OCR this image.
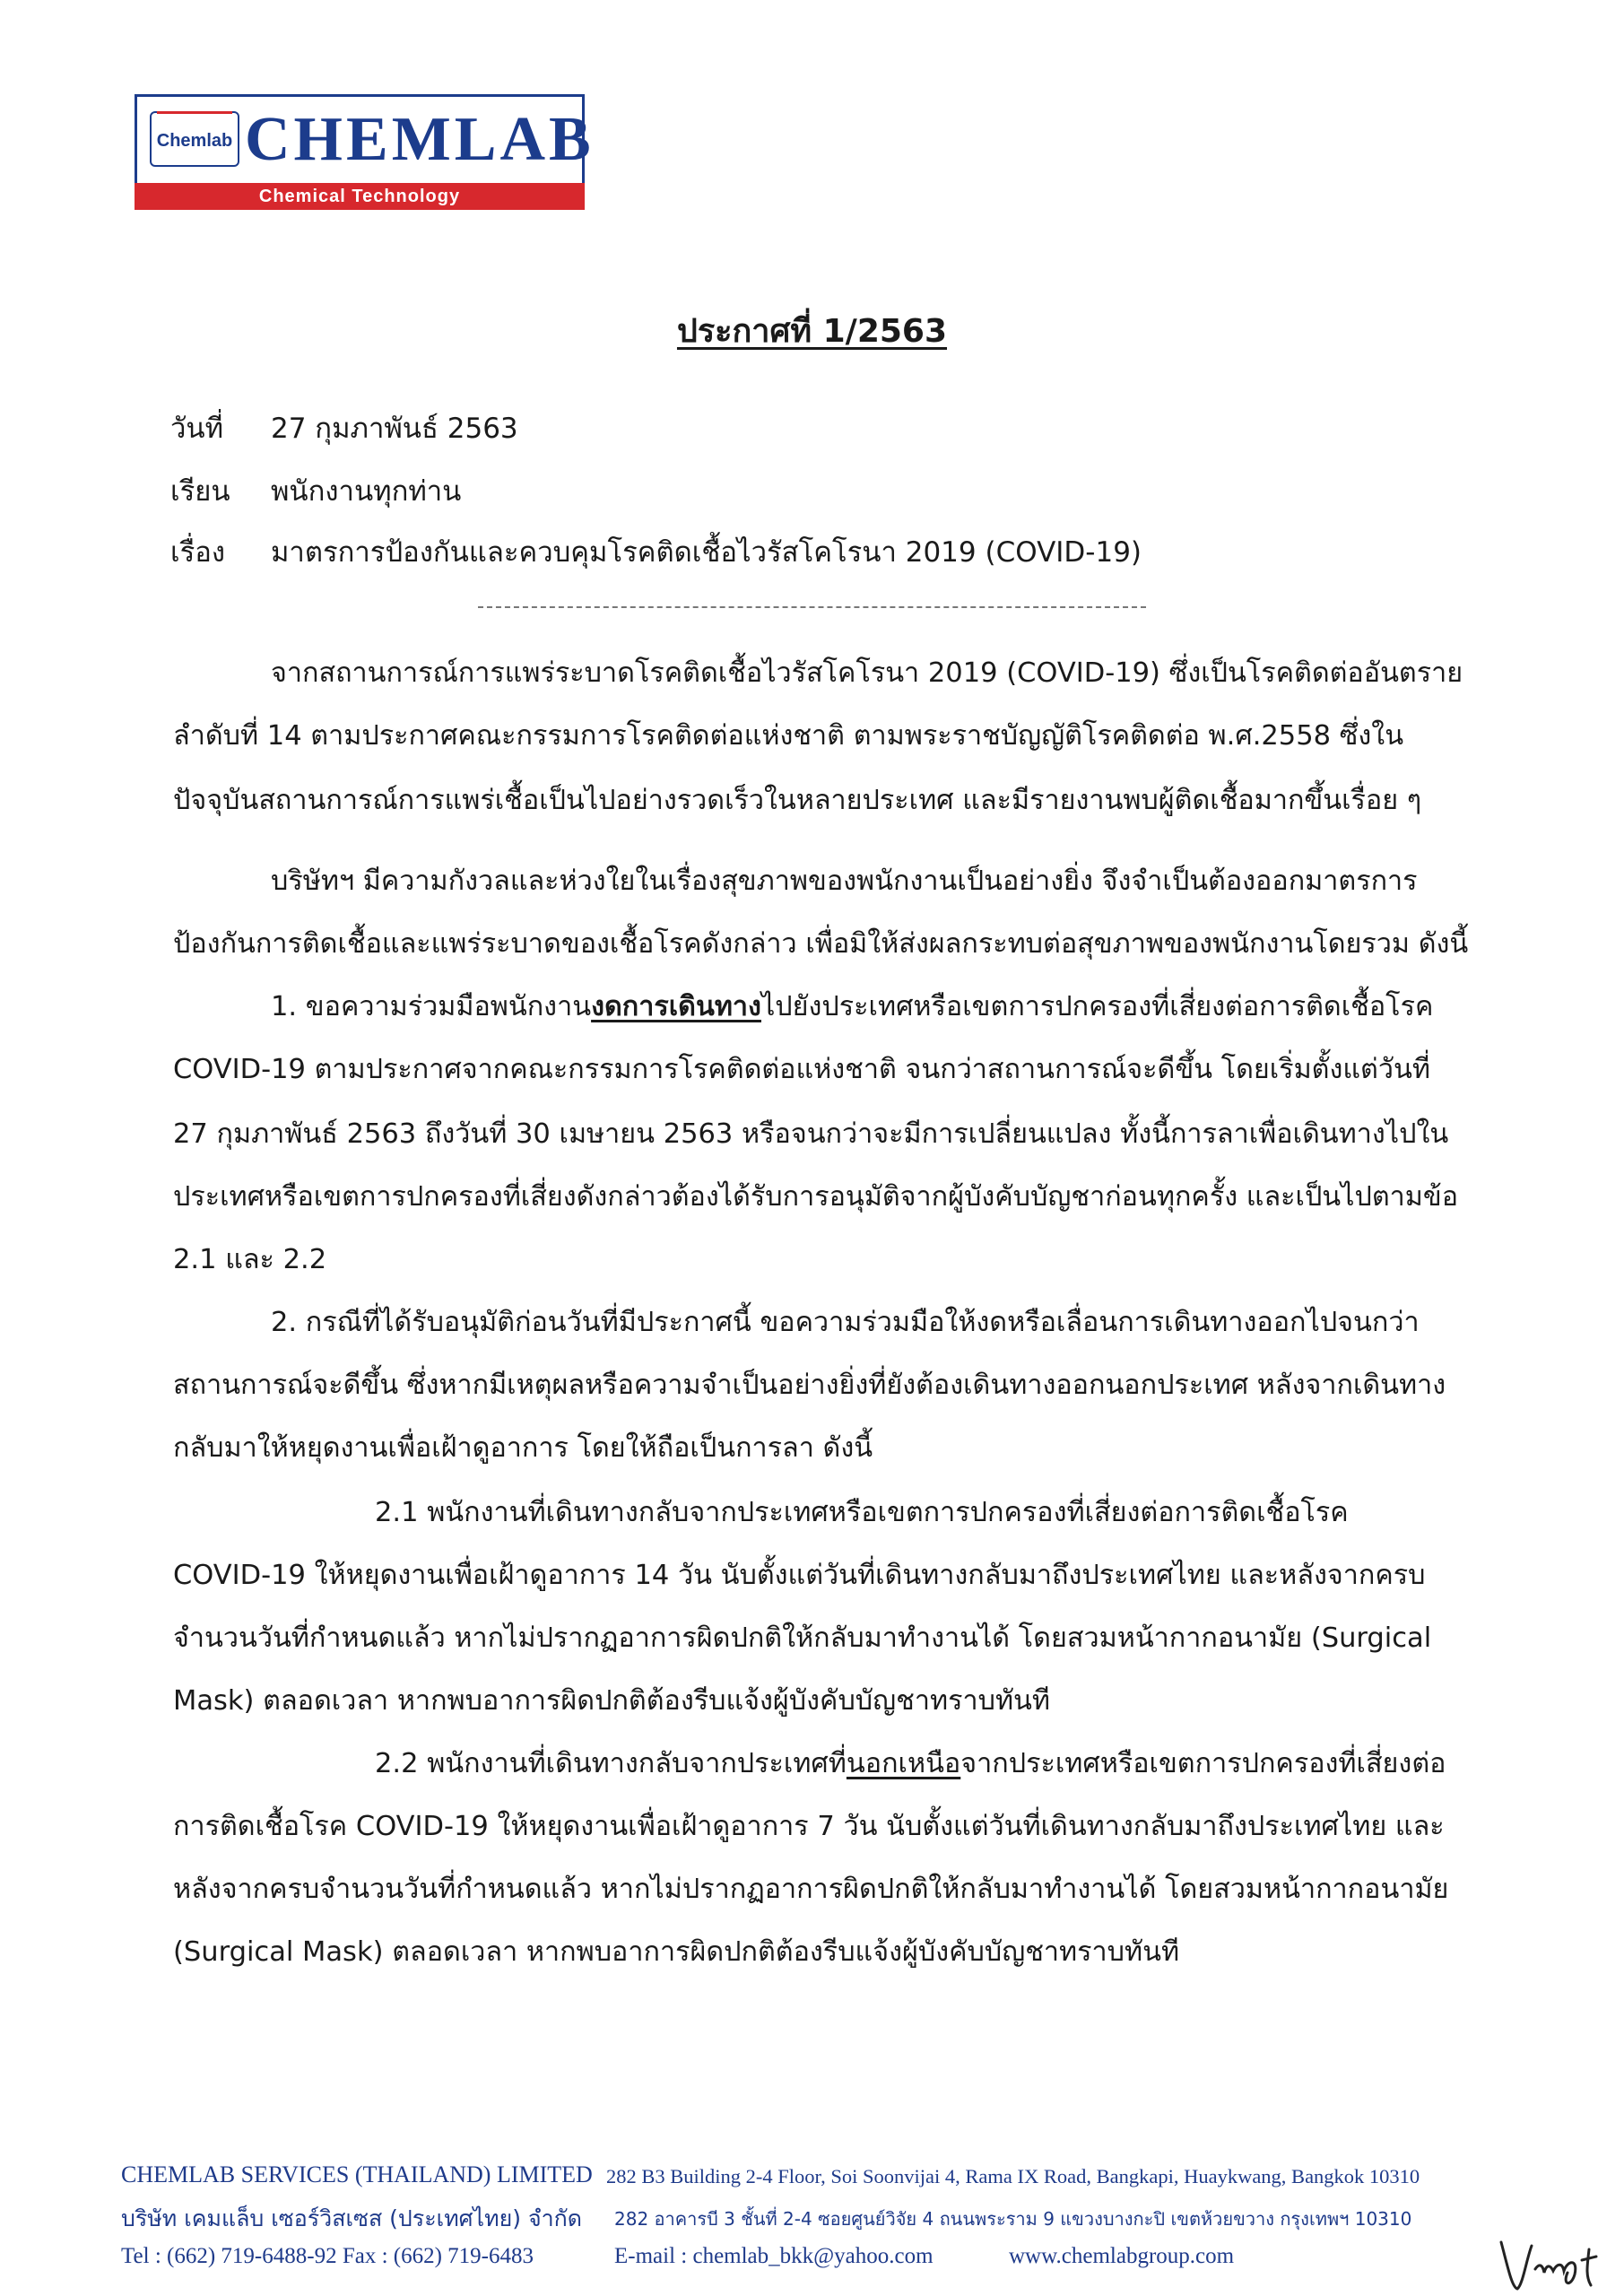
Chemlab CHEMLAB
Chemical Technology
ประกาศที่ 1/2563
วันที่ 27 กุมภาพันธ์ 2563
เรียน พนักงานทุกท่าน
เรื่อง มาตรการป้องกันและควบคุมโรคติดเชื้อไวรัสโคโรนา 2019 (COVID-19)
จากสถานการณ์การแพร่ระบาดโรคติดเชื้อไวรัสโคโรนา 2019 (COVID-19) ซึ่งเป็นโรคติดต่ออันตราย
ลำดับที่ 14 ตามประกาศคณะกรรมการโรคติดต่อแห่งชาติ ตามพระราชบัญญัติโรคติดต่อ พ.ศ.2558 ซึ่งใน
ปัจจุบันสถานการณ์การแพร่เชื้อเป็นไปอย่างรวดเร็วในหลายประเทศ และมีรายงานพบผู้ติดเชื้อมากขึ้นเรื่อย ๆ
บริษัทฯ มีความกังวลและห่วงใยในเรื่องสุขภาพของพนักงานเป็นอย่างยิ่ง จึงจำเป็นต้องออกมาตรการ
ป้องกันการติดเชื้อและแพร่ระบาดของเชื้อโรคดังกล่าว เพื่อมิให้ส่งผลกระทบต่อสุขภาพของพนักงานโดยรวม ดังนี้
1. ขอความร่วมมือพนักงานงดการเดินทางไปยังประเทศหรือเขตการปกครองที่เสี่ยงต่อการติดเชื้อโรค
COVID-19 ตามประกาศจากคณะกรรมการโรคติดต่อแห่งชาติ จนกว่าสถานการณ์จะดีขึ้น โดยเริ่มตั้งแต่วันที่
27 กุมภาพันธ์ 2563 ถึงวันที่ 30 เมษายน 2563 หรือจนกว่าจะมีการเปลี่ยนแปลง ทั้งนี้การลาเพื่อเดินทางไปใน
ประเทศหรือเขตการปกครองที่เสี่ยงดังกล่าวต้องได้รับการอนุมัติจากผู้บังคับบัญชาก่อนทุกครั้ง และเป็นไปตามข้อ
2.1 และ 2.2
2. กรณีที่ได้รับอนุมัติก่อนวันที่มีประกาศนี้ ขอความร่วมมือให้งดหรือเลื่อนการเดินทางออกไปจนกว่า
สถานการณ์จะดีขึ้น ซึ่งหากมีเหตุผลหรือความจำเป็นอย่างยิ่งที่ยังต้องเดินทางออกนอกประเทศ หลังจากเดินทาง
กลับมาให้หยุดงานเพื่อเฝ้าดูอาการ โดยให้ถือเป็นการลา ดังนี้
2.1 พนักงานที่เดินทางกลับจากประเทศหรือเขตการปกครองที่เสี่ยงต่อการติดเชื้อโรค
COVID-19 ให้หยุดงานเพื่อเฝ้าดูอาการ 14 วัน นับตั้งแต่วันที่เดินทางกลับมาถึงประเทศไทย และหลังจากครบ
จำนวนวันที่กำหนดแล้ว หากไม่ปรากฏอาการผิดปกติให้กลับมาทำงานได้ โดยสวมหน้ากากอนามัย (Surgical
Mask) ตลอดเวลา หากพบอาการผิดปกติต้องรีบแจ้งผู้บังคับบัญชาทราบทันที
2.2 พนักงานที่เดินทางกลับจากประเทศที่นอกเหนือจากประเทศหรือเขตการปกครองที่เสี่ยงต่อ
การติดเชื้อโรค COVID-19 ให้หยุดงานเพื่อเฝ้าดูอาการ 7 วัน นับตั้งแต่วันที่เดินทางกลับมาถึงประเทศไทย และ
หลังจากครบจำนวนวันที่กำหนดแล้ว หากไม่ปรากฏอาการผิดปกติให้กลับมาทำงานได้ โดยสวมหน้ากากอนามัย
(Surgical Mask) ตลอดเวลา หากพบอาการผิดปกติต้องรีบแจ้งผู้บังคับบัญชาทราบทันที
CHEMLAB SERVICES (THAILAND) LIMITED 282 B3 Building 2-4 Floor, Soi Soonvijai 4, Rama IX Road, Bangkapi, Huaykwang, Bangkok 10310
บริษัท เคมแล็บ เซอร์วิสเซส (ประเทศไทย) จำกัด 282 อาคารบี 3 ชั้นที่ 2-4 ซอยศูนย์วิจัย 4 ถนนพระราม 9 แขวงบางกะปิ เขตห้วยขวาง กรุงเทพฯ 10310
Tel : (662) 719-6488-92 Fax : (662) 719-6483	E-mail : chemlab_bkk@yahoo.com	www.chemlabgroup.com
